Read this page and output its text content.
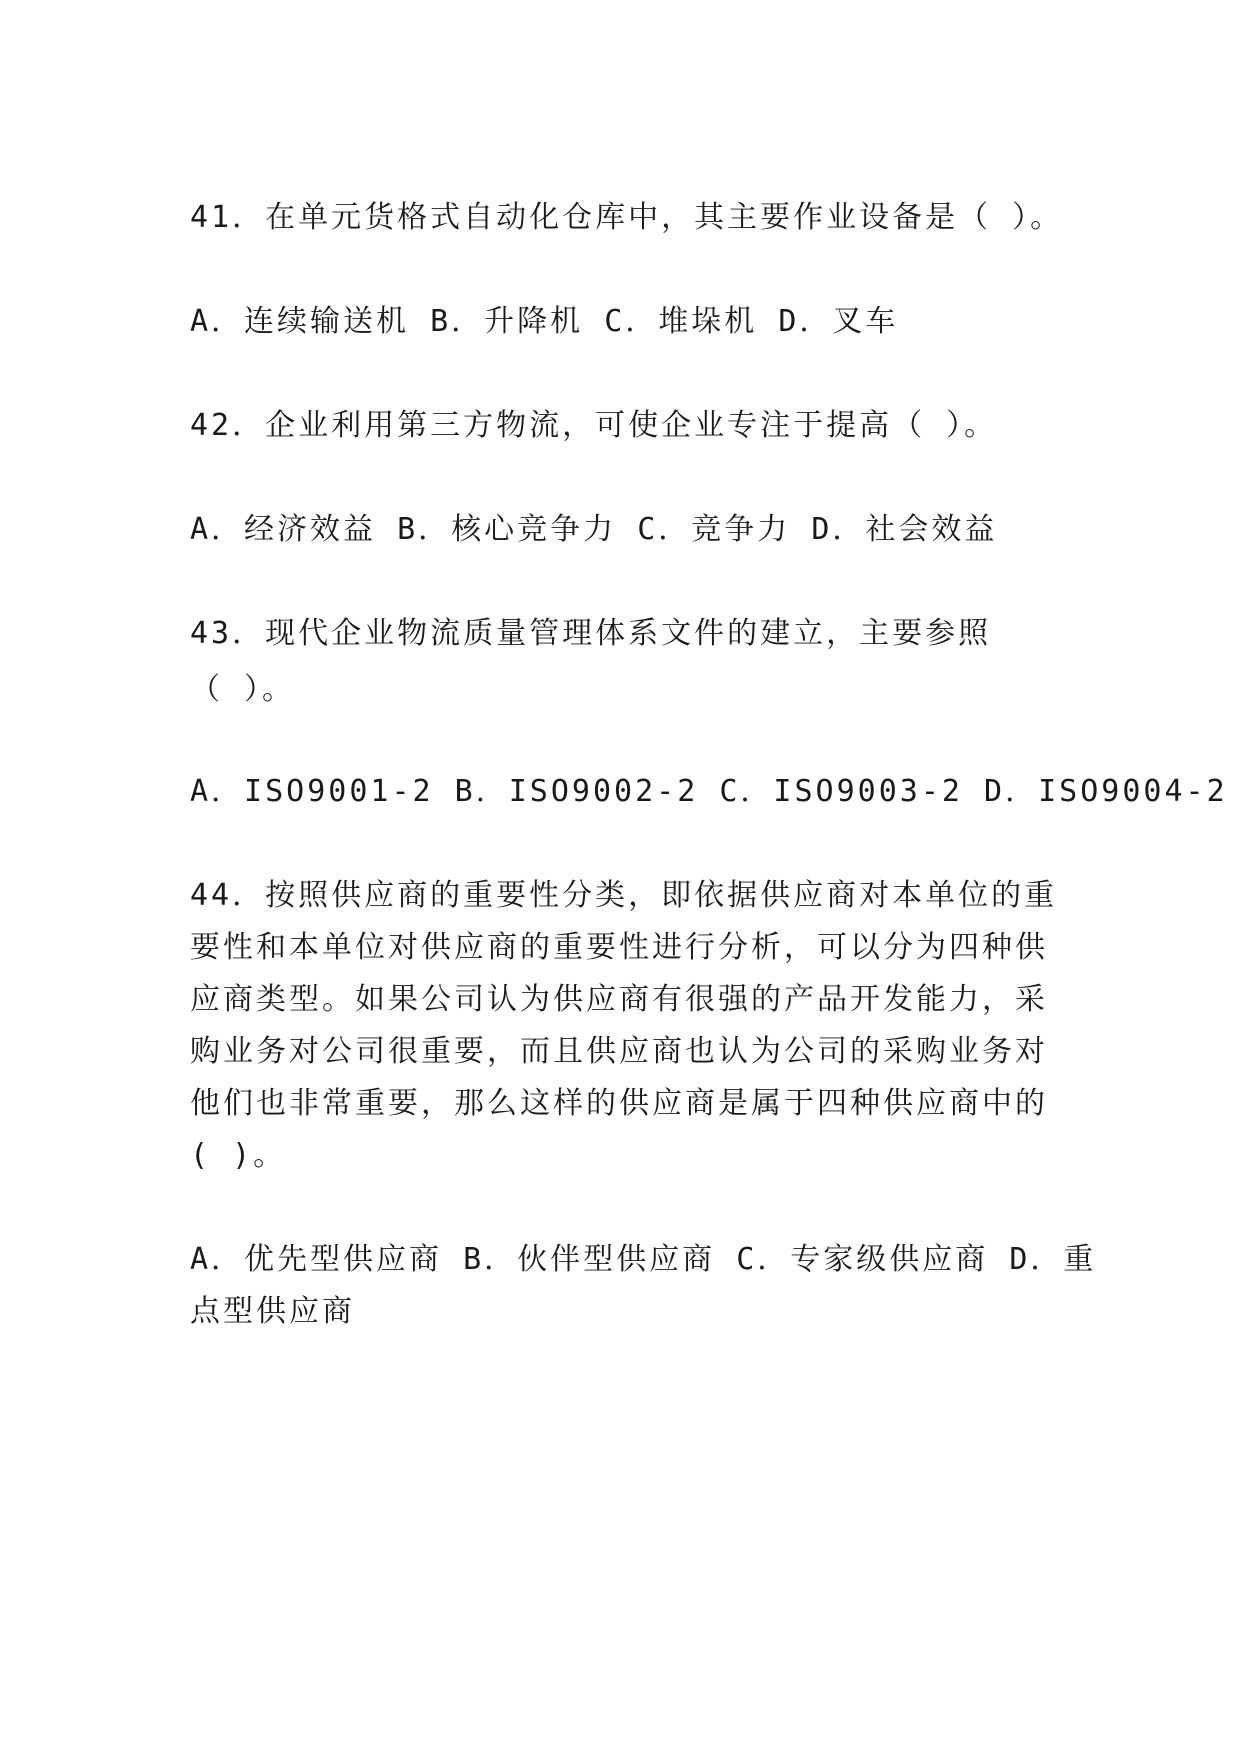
41．在单元货格式自动化仓库中，其主要作业设备是（ ）。
A．连续输送机 B．升降机 C．堆垛机 D．叉车
42．企业利用第三方物流，可使企业专注于提高（ ）。
A．经济效益 B．核心竞争力 C．竞争力 D．社会效益
43．现代企业物流质量管理体系文件的建立，主要参照
（ ）。
A．ISO9001-2 B．ISO9002-2 C．ISO9003-2 D．ISO9004-2
44．按照供应商的重要性分类，即依据供应商对本单位的重
要性和本单位对供应商的重要性进行分析，可以分为四种供
应商类型。如果公司认为供应商有很强的产品开发能力，采
购业务对公司很重要，而且供应商也认为公司的采购业务对
他们也非常重要，那么这样的供应商是属于四种供应商中的
( )。
A．优先型供应商 B．伙伴型供应商 C．专家级供应商 D．重
点型供应商
